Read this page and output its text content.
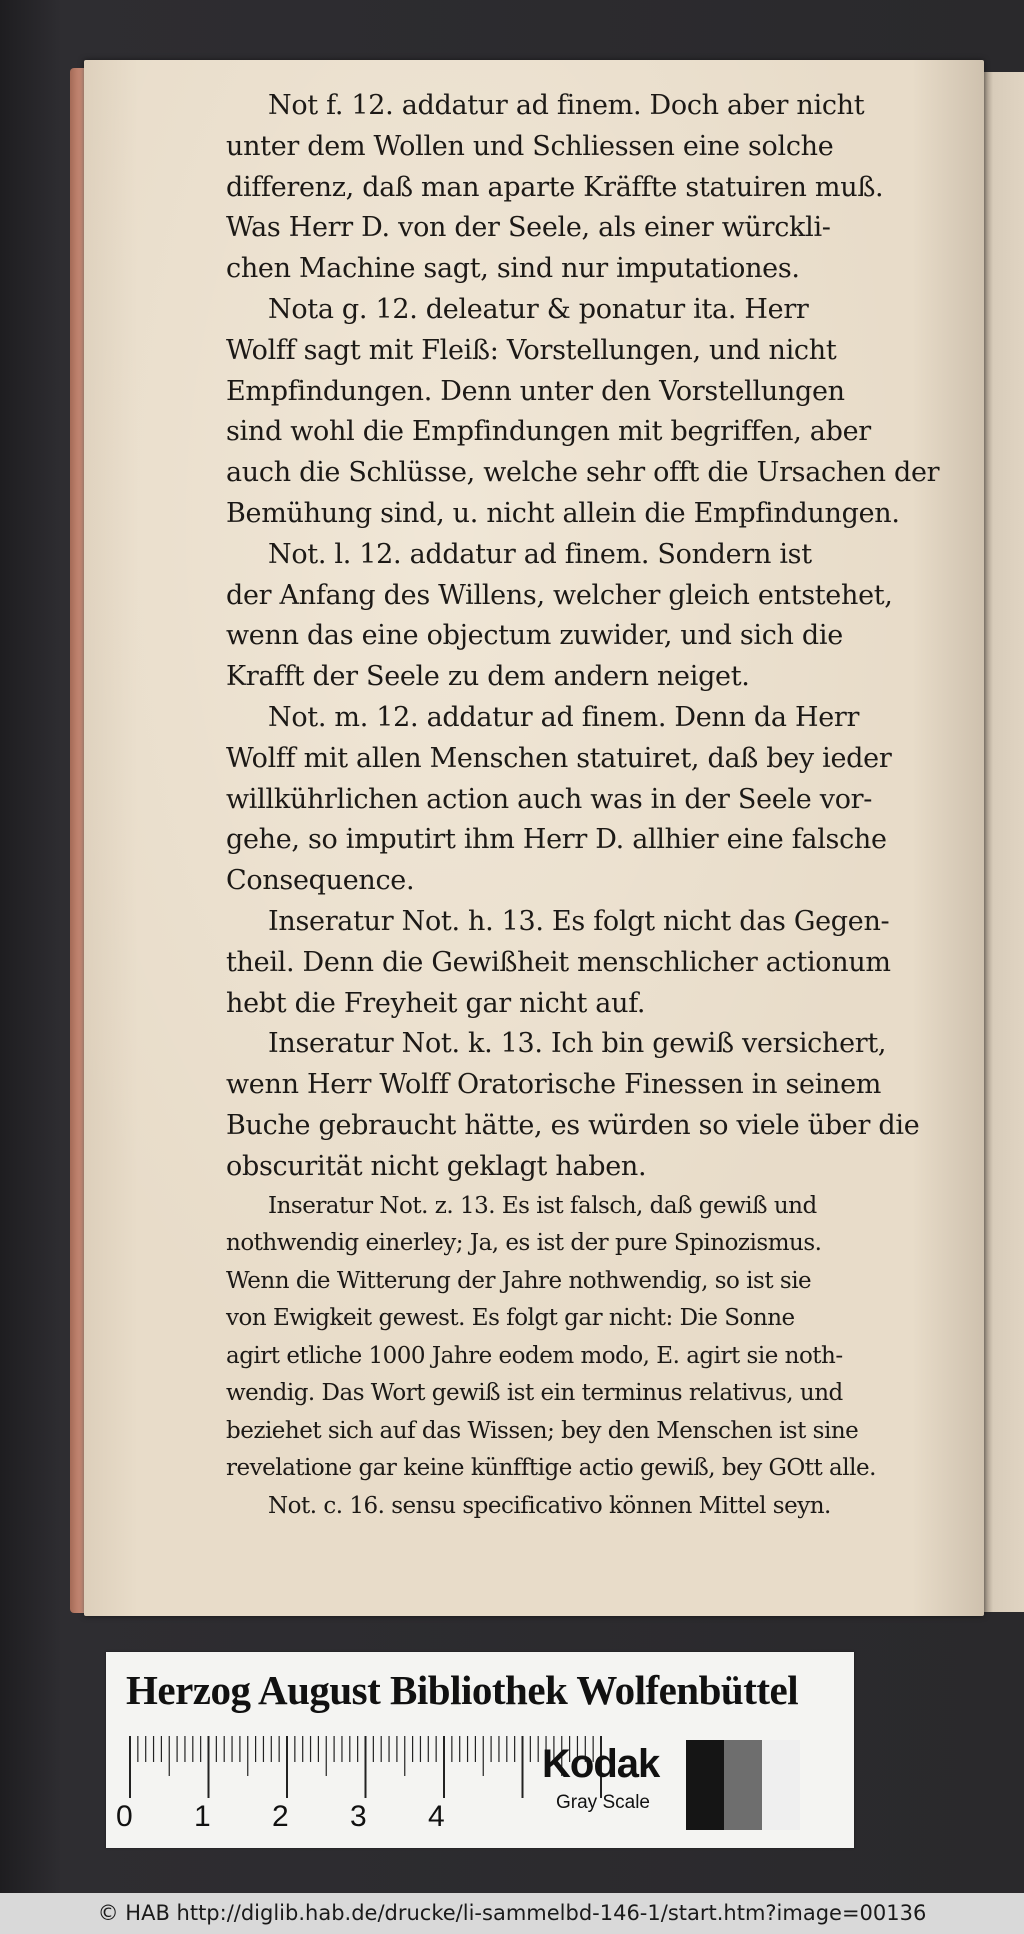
Not f. 12. addatur ad finem. Doch aber nicht
unter dem Wollen und Schliessen eine solche
differenz, daß man aparte Kräffte statuiren muß.
Was Herr D. von der Seele, als einer würckli-
chen Machine sagt, sind nur imputationes.
Nota g. 12. deleatur & ponatur ita. Herr
Wolff sagt mit Fleiß: Vorstellungen, und nicht
Empfindungen. Denn unter den Vorstellungen
sind wohl die Empfindungen mit begriffen, aber
auch die Schlüsse, welche sehr offt die Ursachen der
Bemühung sind, u. nicht allein die Empfindungen.
Not. l. 12. addatur ad finem. Sondern ist
der Anfang des Willens, welcher gleich entstehet,
wenn das eine objectum zuwider, und sich die
Krafft der Seele zu dem andern neiget.
Not. m. 12. addatur ad finem. Denn da Herr
Wolff mit allen Menschen statuiret, daß bey ieder
willkührlichen action auch was in der Seele vor-
gehe, so imputirt ihm Herr D. allhier eine falsche
Consequence.
Inseratur Not. h. 13. Es folgt nicht das Gegen-
theil. Denn die Gewißheit menschlicher actionum
hebt die Freyheit gar nicht auf.
Inseratur Not. k. 13. Ich bin gewiß versichert,
wenn Herr Wolff Oratorische Finessen in seinem
Buche gebraucht hätte, es würden so viele über die
obscurität nicht geklagt haben.
Inseratur Not. z. 13. Es ist falsch, daß gewiß und
nothwendig einerley; Ja, es ist der pure Spinozismus.
Wenn die Witterung der Jahre nothwendig, so ist sie
von Ewigkeit gewest. Es folgt gar nicht: Die Sonne
agirt etliche 1000 Jahre eodem modo, E. agirt sie noth-
wendig. Das Wort gewiß ist ein terminus relativus, und
beziehet sich auf das Wissen; bey den Menschen ist sine
revelatione gar keine künfftige actio gewiß, bey GOtt alle.
Not. c. 16. sensu specificativo können Mittel seyn.
Herzog August Bibliothek Wolfenbüttel
0 1 2 3 4
Kodak
Gray Scale
© HAB http://diglib.hab.de/drucke/li-sammelbd-146-1/start.htm?image=00136
